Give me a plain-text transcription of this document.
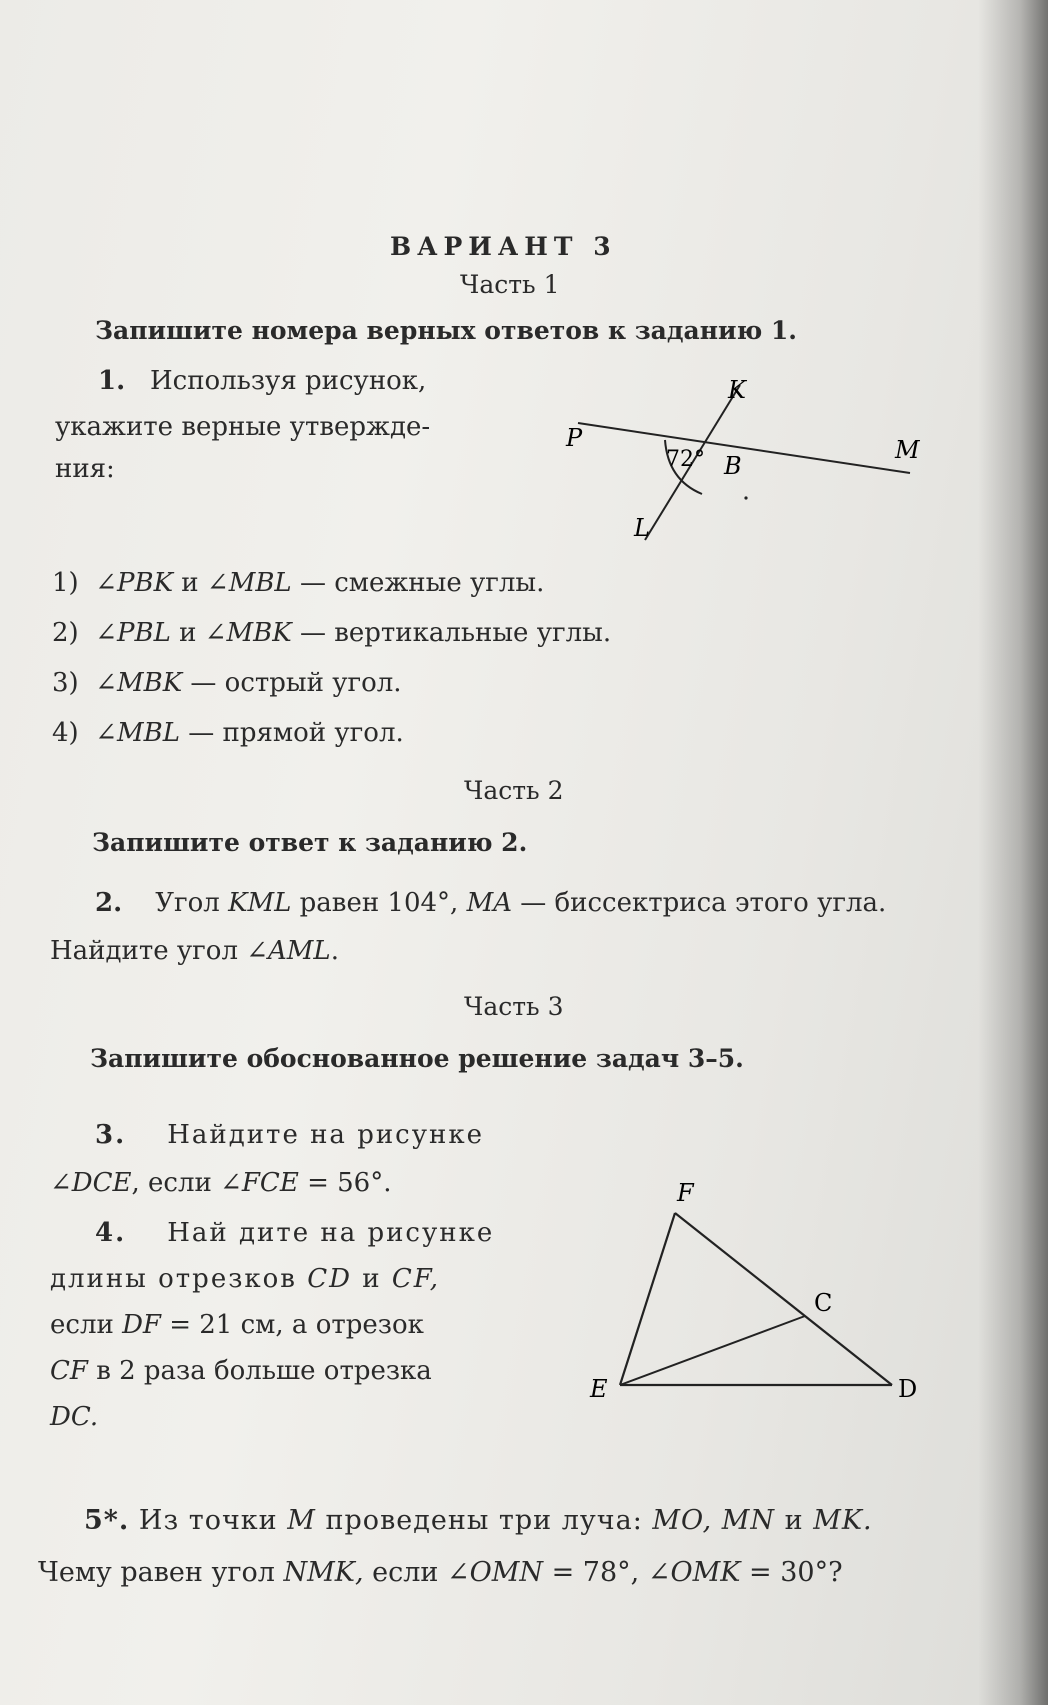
ВАРИАНТ 3
Часть 1
Запишите номера верных ответов к заданию 1.
1. Используя рисунок,
укажите верные утвержде-
ния:
K
P	M
B
L
72°
1) ∠PBK и ∠MBL — смежные углы.
2) ∠PBL и ∠MBK — вертикальные углы.
3) ∠MBK — острый угол.
4) ∠MBL — прямой угол.
Часть 2
Запишите ответ к заданию 2.
2. Угол KML равен 104°, MA — биссектриса этого угла.
Найдите угол ∠AML.
Часть 3
Запишите обоснованное решение задач 3–5.
3. Найдите на рисунке
∠DCE, если ∠FCE = 56°.
4. Най дите на рисунке
длины отрезков CD и CF,
если DF = 21 см, а отрезок
CF в 2 раза больше отрезка
DC.
F
C
E	D
5*. Из точки M проведены три луча: MO, MN и MK.
Чему равен угол NMK, если ∠OMN = 78°, ∠OMK = 30°?
